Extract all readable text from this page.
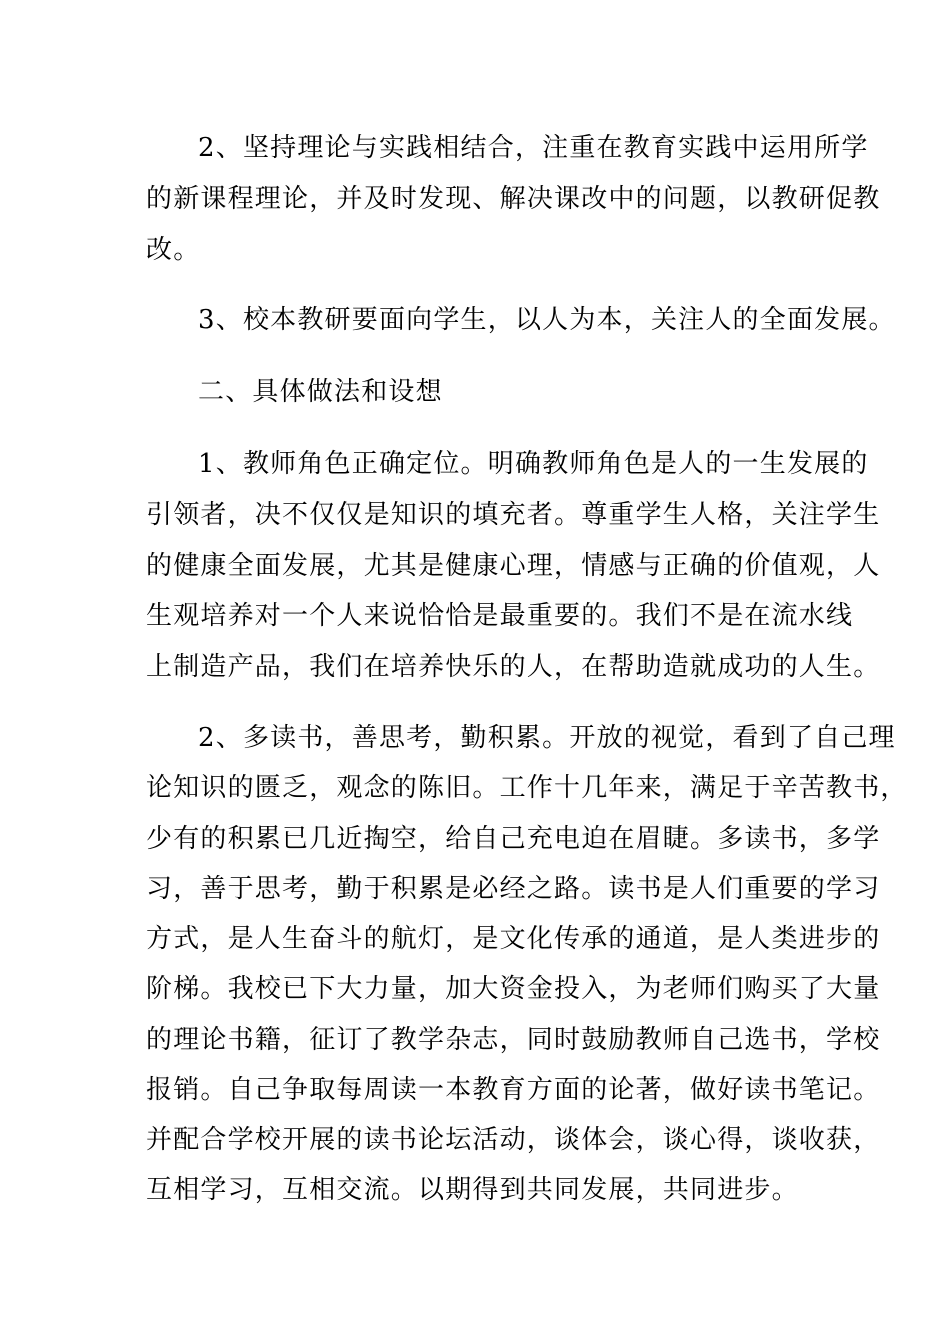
2、坚持理论与实践相结合，注重在教育实践中运用所学
的新课程理论，并及时发现、解决课改中的问题，以教研促教
改。
3、校本教研要面向学生，以人为本，关注人的全面发展。
二、具体做法和设想
1、教师角色正确定位。明确教师角色是人的一生发展的
引领者，决不仅仅是知识的填充者。尊重学生人格，关注学生
的健康全面发展，尤其是健康心理，情感与正确的价值观，人
生观培养对一个人来说恰恰是最重要的。我们不是在流水线
上制造产品，我们在培养快乐的人，在帮助造就成功的人生。
2、多读书，善思考，勤积累。开放的视觉，看到了自己理
论知识的匮乏，观念的陈旧。工作十几年来，满足于辛苦教书，
少有的积累已几近掏空，给自己充电迫在眉睫。多读书，多学
习，善于思考，勤于积累是必经之路。读书是人们重要的学习
方式，是人生奋斗的航灯，是文化传承的通道，是人类进步的
阶梯。我校已下大力量，加大资金投入，为老师们购买了大量
的理论书籍，征订了教学杂志，同时鼓励教师自己选书，学校
报销。自己争取每周读一本教育方面的论著，做好读书笔记。
并配合学校开展的读书论坛活动，谈体会，谈心得，谈收获，
互相学习，互相交流。以期得到共同发展，共同进步。
